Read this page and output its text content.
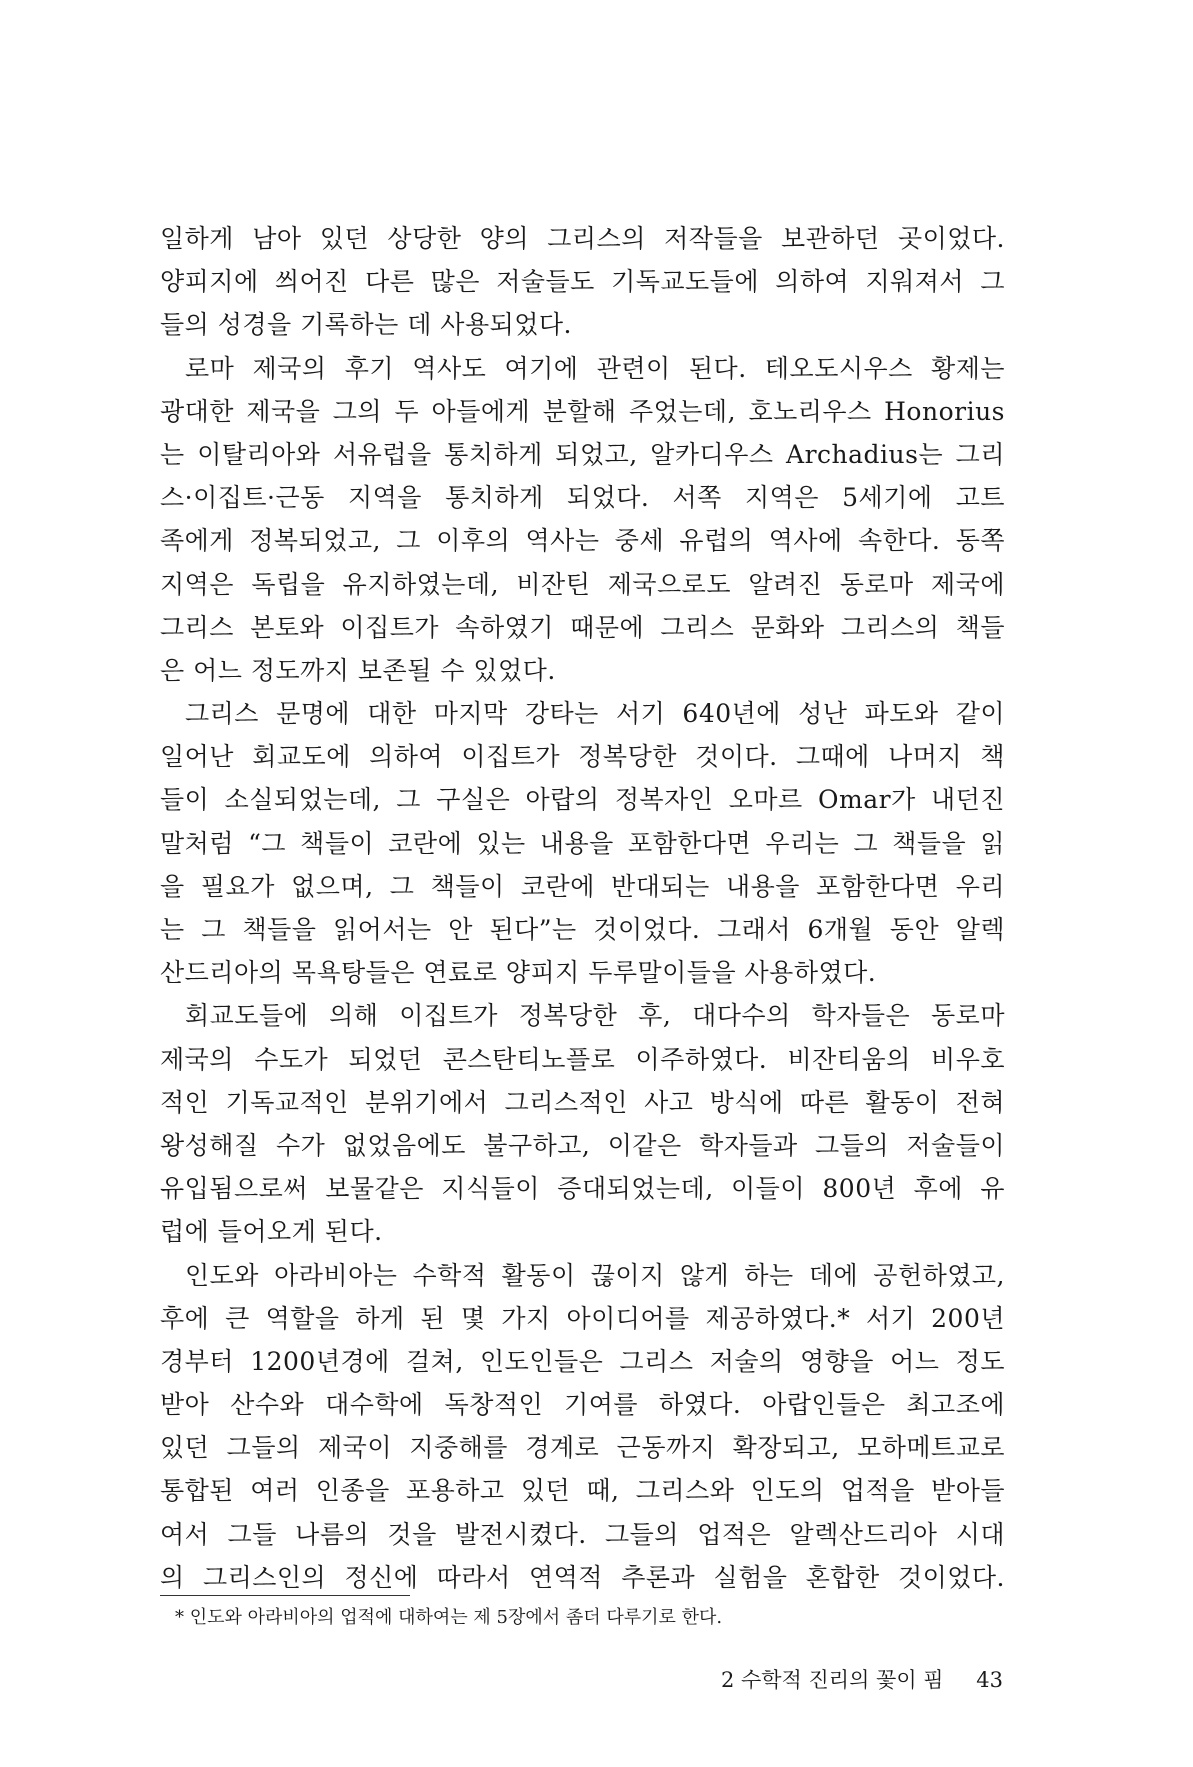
일하게 남아 있던 상당한 양의 그리스의 저작들을 보관하던 곳이었다.
양피지에 씌어진 다른 많은 저술들도 기독교도들에 의하여 지워져서 그
들의 성경을 기록하는 데 사용되었다.
로마 제국의 후기 역사도 여기에 관련이 된다. 테오도시우스 황제는
광대한 제국을 그의 두 아들에게 분할해 주었는데, 호노리우스 Honorius
는 이탈리아와 서유럽을 통치하게 되었고, 알카디우스 Archadius는 그리
스·이집트·근동 지역을 통치하게 되었다. 서쪽 지역은 5세기에 고트
족에게 정복되었고, 그 이후의 역사는 중세 유럽의 역사에 속한다. 동쪽
지역은 독립을 유지하였는데, 비잔틴 제국으로도 알려진 동로마 제국에
그리스 본토와 이집트가 속하였기 때문에 그리스 문화와 그리스의 책들
은 어느 정도까지 보존될 수 있었다.
그리스 문명에 대한 마지막 강타는 서기 640년에 성난 파도와 같이
일어난 회교도에 의하여 이집트가 정복당한 것이다. 그때에 나머지 책
들이 소실되었는데, 그 구실은 아랍의 정복자인 오마르 Omar가 내던진
말처럼 “그 책들이 코란에 있는 내용을 포함한다면 우리는 그 책들을 읽
을 필요가 없으며, 그 책들이 코란에 반대되는 내용을 포함한다면 우리
는 그 책들을 읽어서는 안 된다”는 것이었다. 그래서 6개월 동안 알렉
산드리아의 목욕탕들은 연료로 양피지 두루말이들을 사용하였다.
회교도들에 의해 이집트가 정복당한 후, 대다수의 학자들은 동로마
제국의 수도가 되었던 콘스탄티노플로 이주하였다. 비잔티움의 비우호
적인 기독교적인 분위기에서 그리스적인 사고 방식에 따른 활동이 전혀
왕성해질 수가 없었음에도 불구하고, 이같은 학자들과 그들의 저술들이
유입됨으로써 보물같은 지식들이 증대되었는데, 이들이 800년 후에 유
럽에 들어오게 된다.
인도와 아라비아는 수학적 활동이 끊이지 않게 하는 데에 공헌하였고,
후에 큰 역할을 하게 된 몇 가지 아이디어를 제공하였다.* 서기 200년
경부터 1200년경에 걸쳐, 인도인들은 그리스 저술의 영향을 어느 정도
받아 산수와 대수학에 독창적인 기여를 하였다. 아랍인들은 최고조에
있던 그들의 제국이 지중해를 경계로 근동까지 확장되고, 모하메트교로
통합된 여러 인종을 포용하고 있던 때, 그리스와 인도의 업적을 받아들
여서 그들 나름의 것을 발전시켰다. 그들의 업적은 알렉산드리아 시대
의 그리스인의 정신에 따라서 연역적 추론과 실험을 혼합한 것이었다.
* 인도와 아라비아의 업적에 대하여는 제 5장에서 좀더 다루기로 한다.
2 수학적 진리의 꽃이 핌 43
